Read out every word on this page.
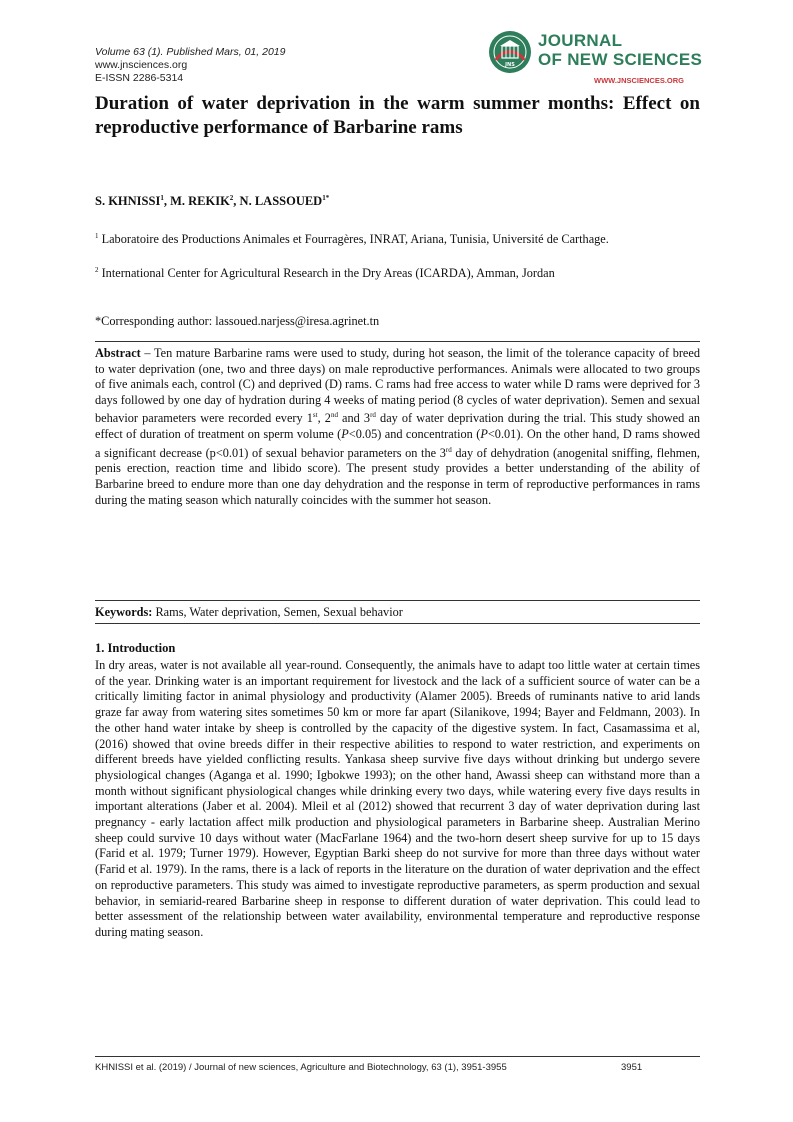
Volume 63 (1). Published Mars, 01, 2019
www.jnsciences.org
E-ISSN 2286-5314
JNS
JOURNAL
OF NEW SCIENCES
WWW.JNSCIENCES.ORG
Duration of water deprivation in the warm summer months: Effect on reproductive performance of Barbarine rams
S. KHNISSI$^1$, M. REKIK$^2$, N. $LASSOUED^{1*}$
$^1$ Laboratoire des Productions Animales et Fourragères, INRAT, Ariana, Tunisia, Université de Carthage.
$^2$ International Center for Agricultural Research in the Dry Areas (ICARDA), Amman, Jordan
*Corresponding author: lassoued.narjess@iresa.agrinet.tn
Abstract – Ten mature Barbarine rams were used to study, during hot season, the limit of the tolerance capacity of breed to water deprivation (one, two and three days) on male reproductive performances. Animals were allocated to two groups of five animals each, control (C) and deprived (D) rams. C rams had free access to water while D rams were deprived for 3 days followed by one day of hydration during 4 weeks of mating period (8 cycles of water deprivation). Semen and sexual behavior parameters were recorded every 1st, 2nd and 3rd day of water deprivation during the trial. This study showed an effect of duration of treatment on sperm volume (P<0.05) and concentration (P<0.01). On the other hand, D rams showed a significant decrease (p<0.01) of sexual behavior parameters on the 3rd day of dehydration (anogenital sniffing, flehmen, penis erection, reaction time and libido score). The present study provides a better understanding of the ability of Barbarine breed to endure more than one day dehydration and the response in term of reproductive performances in rams during the mating season which naturally coincides with the summer hot season.
Keywords: Rams, Water deprivation, Semen, Sexual behavior
1. Introduction
In dry areas, water is not available all year-round. Consequently, the animals have to adapt too little water at certain times of the year. Drinking water is an important requirement for livestock and the lack of a sufficient source of water can be a critically limiting factor in animal physiology and productivity (Alamer 2005). Breeds of ruminants native to arid lands graze far away from watering sites sometimes 50 km or more far apart (Silanikove, 1994; Bayer and Feldmann, 2003). In the other hand water intake by sheep is controlled by the capacity of the digestive system. In fact, Casamassima et al, (2016) showed that ovine breeds differ in their respective abilities to respond to water restriction, and experiments on different breeds have yielded conflicting results. Yankasa sheep survive five days without drinking but undergo severe physiological changes (Aganga et al. 1990; Igbokwe 1993); on the other hand, Awassi sheep can withstand more than a month without significant physiological changes while drinking every two days, while watering every five days results in important alterations (Jaber et al. 2004). Mleil et al (2012) showed that recurrent 3 day of water deprivation during last pregnancy - early lactation affect milk production and physiological parameters in Barbarine sheep. Australian Merino sheep could survive 10 days without water (MacFarlane 1964) and the two-horn desert sheep survive for up to 15 days (Farid et al. 1979; Turner 1979). However, Egyptian Barki sheep do not survive for more than three days without water (Farid et al. 1979). In the rams, there is a lack of reports in the literature on the duration of water deprivation and the effect on reproductive parameters. This study was aimed to investigate reproductive parameters, as sperm production and sexual behavior, in semiarid-reared Barbarine sheep in response to different duration of water deprivation. This could lead to better assessment of the relationship between water availability, environmental temperature and reproductive response during mating season.
KHNISSI et al. (2019) / Journal of new sciences, Agriculture and Biotechnology, 63 (1), 3951-3955	3951
